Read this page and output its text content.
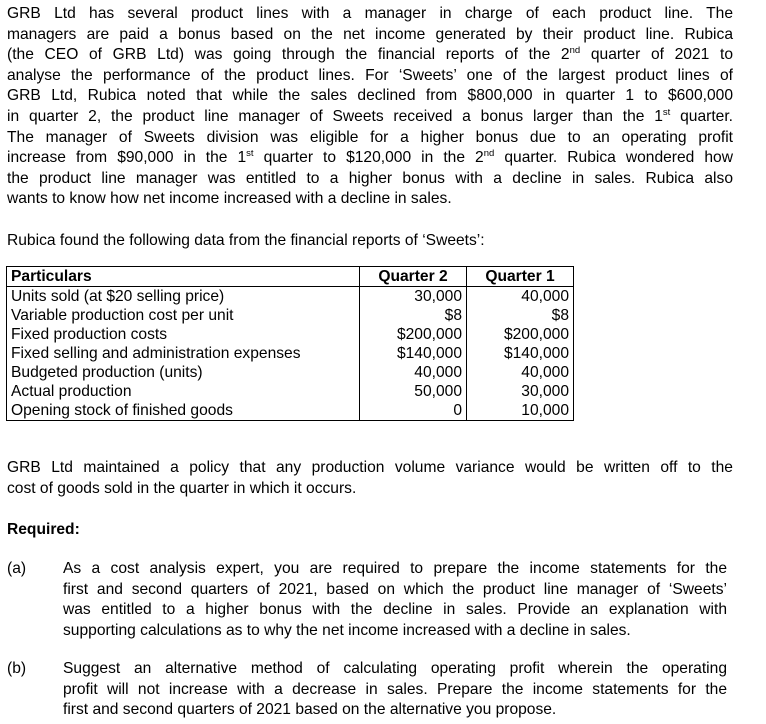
GRB Ltd has several product lines with a manager in charge of each product line. The
managers are paid a bonus based on the net income generated by their product line. Rubica
(the CEO of GRB Ltd) was going through the financial reports of the 2nd quarter of 2021 to
analyse the performance of the product lines. For ‘Sweets’ one of the largest product lines of
GRB Ltd, Rubica noted that while the sales declined from $800,000 in quarter 1 to $600,000
in quarter 2, the product line manager of Sweets received a bonus larger than the 1st quarter.
The manager of Sweets division was eligible for a higher bonus due to an operating profit
increase from $90,000 in the 1st quarter to $120,000 in the 2nd quarter. Rubica wondered how
the product line manager was entitled to a higher bonus with a decline in sales. Rubica also
wants to know how net income increased with a decline in sales.

Rubica found the following data from the financial reports of ‘Sweets’:

Particulars	Quarter 2	Quarter 1
Units sold (at $20 selling price)	30,000	40,000
Variable production cost per unit	$8	$8
Fixed production costs	$200,000	$200,000
Fixed selling and administration expenses	$140,000	$140,000
Budgeted production (units)	40,000	40,000
Actual production	50,000	30,000
Opening stock of finished goods	0	10,000
GRB Ltd maintained a policy that any production volume variance would be written off to the
cost of goods sold in the quarter in which it occurs.

Required:

(a) As a cost analysis expert, you are required to prepare the income statements for the
first and second quarters of 2021, based on which the product line manager of ‘Sweets’
was entitled to a higher bonus with the decline in sales. Provide an explanation with
supporting calculations as to why the net income increased with a decline in sales.
(b) Suggest an alternative method of calculating operating profit wherein the operating
profit will not increase with a decrease in sales. Prepare the income statements for the
first and second quarters of 2021 based on the alternative you propose.
